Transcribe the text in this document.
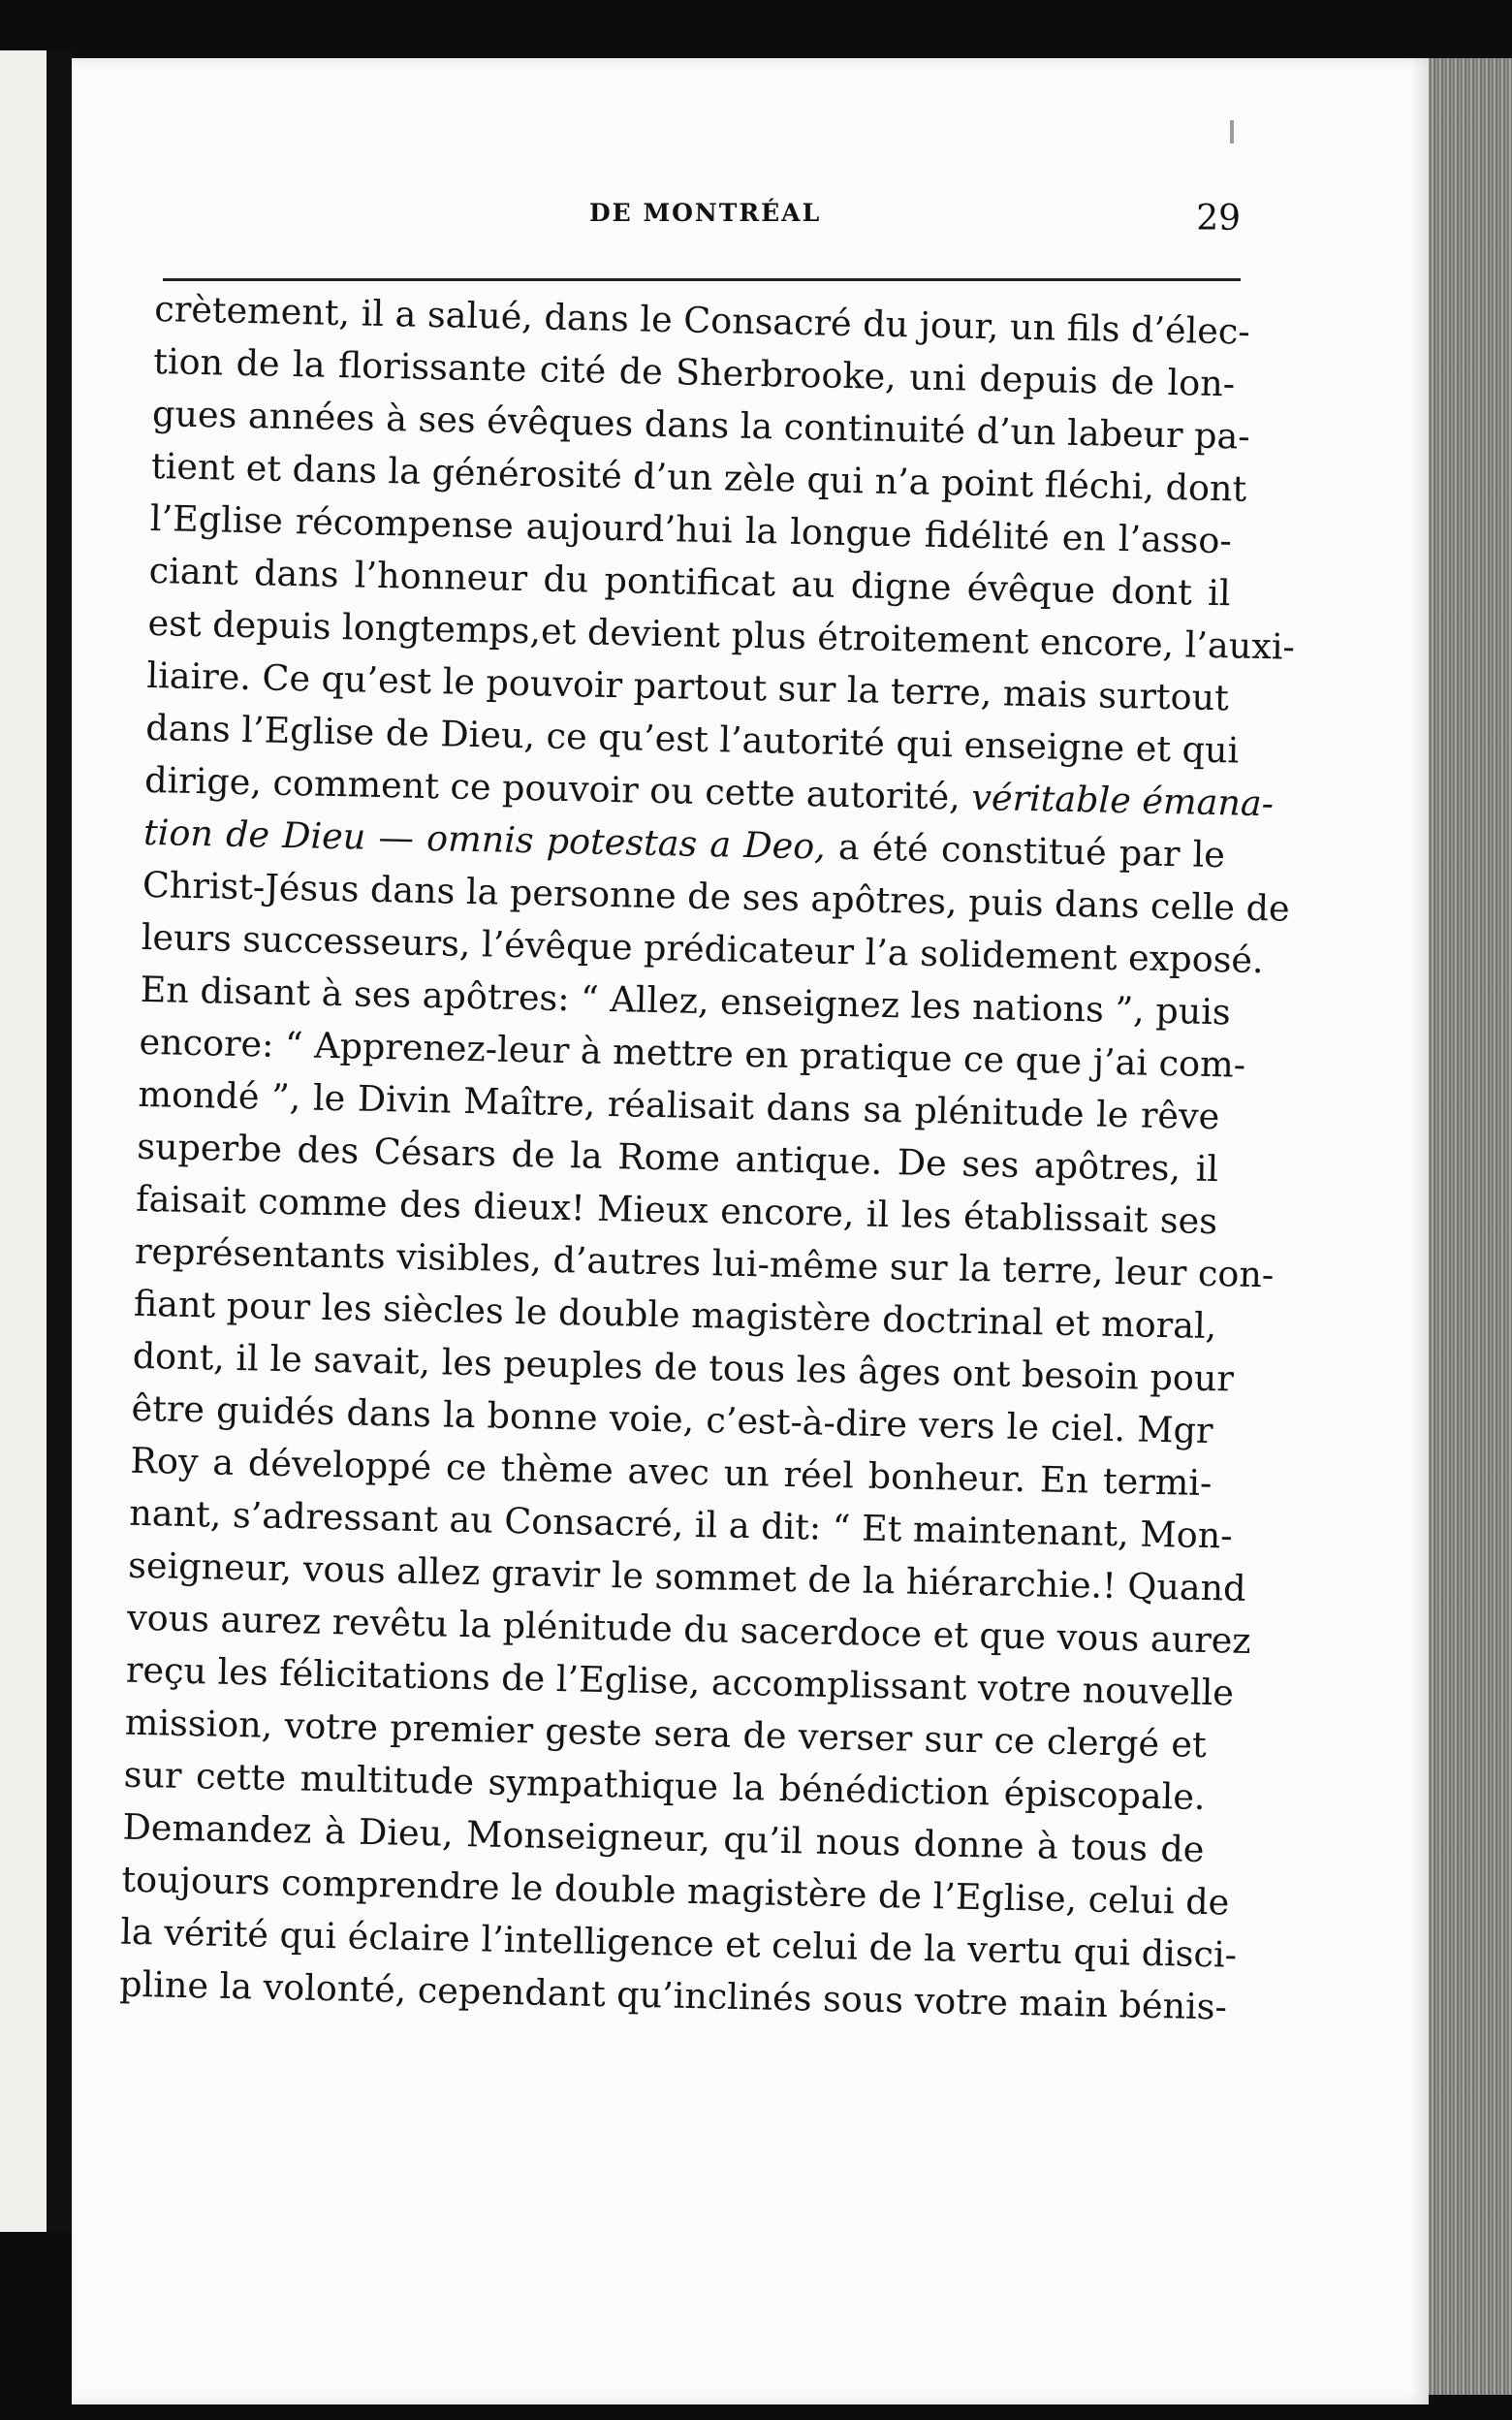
DE MONTRÉAL	29
crètement, il a salué, dans le Consacré du jour, un fils d’élec-
tion de la florissante cité de Sherbrooke, uni depuis de lon-
gues années à ses évêques dans la continuité d’un labeur pa-
tient et dans la générosité d’un zèle qui n’a point fléchi, dont
l’Eglise récompense aujourd’hui la longue fidélité en l’asso-
ciant dans l’honneur du pontificat au digne évêque dont il
est depuis longtemps,et devient plus étroitement encore, l’auxi-
liaire. Ce qu’est le pouvoir partout sur la terre, mais surtout
dans l’Eglise de Dieu, ce qu’est l’autorité qui enseigne et qui
dirige, comment ce pouvoir ou cette autorité, véritable émana-
tion de Dieu — omnis potestas a Deo, a été constitué par le
Christ-Jésus dans la personne de ses apôtres, puis dans celle de
leurs successeurs, l’évêque prédicateur l’a solidement exposé.
En disant à ses apôtres: “ Allez, enseignez les nations ”, puis
encore: “ Apprenez-leur à mettre en pratique ce que j’ai com-
mondé ”, le Divin Maître, réalisait dans sa plénitude le rêve
superbe des Césars de la Rome antique. De ses apôtres, il
faisait comme des dieux! Mieux encore, il les établissait ses
représentants visibles, d’autres lui-même sur la terre, leur con-
fiant pour les siècles le double magistère doctrinal et moral,
dont, il le savait, les peuples de tous les âges ont besoin pour
être guidés dans la bonne voie, c’est-à-dire vers le ciel. Mgr
Roy a développé ce thème avec un réel bonheur. En termi-
nant, s’adressant au Consacré, il a dit: “ Et maintenant, Mon-
seigneur, vous allez gravir le sommet de la hiérarchie.! Quand
vous aurez revêtu la plénitude du sacerdoce et que vous aurez
reçu les félicitations de l’Eglise, accomplissant votre nouvelle
mission, votre premier geste sera de verser sur ce clergé et
sur cette multitude sympathique la bénédiction épiscopale.
Demandez à Dieu, Monseigneur, qu’il nous donne à tous de
toujours comprendre le double magistère de l’Eglise, celui de
la vérité qui éclaire l’intelligence et celui de la vertu qui disci-
pline la volonté, cependant qu’inclinés sous votre main bénis-
